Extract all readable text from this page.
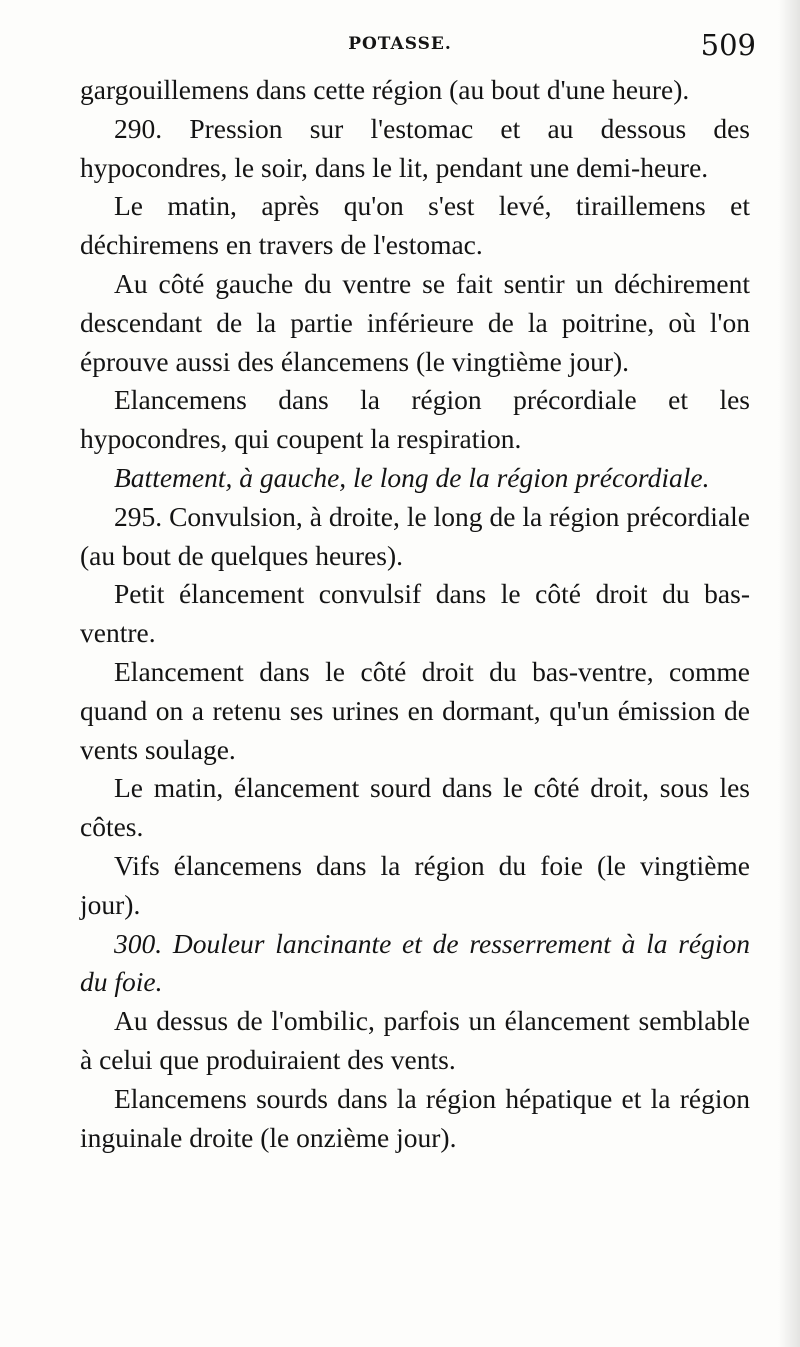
POTASSE.	509

gargouillemens dans cette région (au bout d'une heure).

290. Pression sur l'estomac et au dessous des hypocondres, le soir, dans le lit, pendant une demi-heure.

Le matin, après qu'on s'est levé, tiraillemens et déchiremens en travers de l'estomac.

Au côté gauche du ventre se fait sentir un déchirement descendant de la partie inférieure de la poitrine, où l'on éprouve aussi des élancemens (le vingtième jour).

Elancemens dans la région précordiale et les hypocondres, qui coupent la respiration.

Battement, à gauche, le long de la région précordiale.

295. Convulsion, à droite, le long de la région précordiale (au bout de quelques heures).

Petit élancement convulsif dans le côté droit du bas-ventre.

Elancement dans le côté droit du bas-ventre, comme quand on a retenu ses urines en dormant, qu'un émission de vents soulage.

Le matin, élancement sourd dans le côté droit, sous les côtes.

Vifs élancemens dans la région du foie (le vingtième jour).

300. Douleur lancinante et de resserrement à la région du foie.

Au dessus de l'ombilic, parfois un élancement semblable à celui que produiraient des vents.

Elancemens sourds dans la région hépatique et la région inguinale droite (le onzième jour).
